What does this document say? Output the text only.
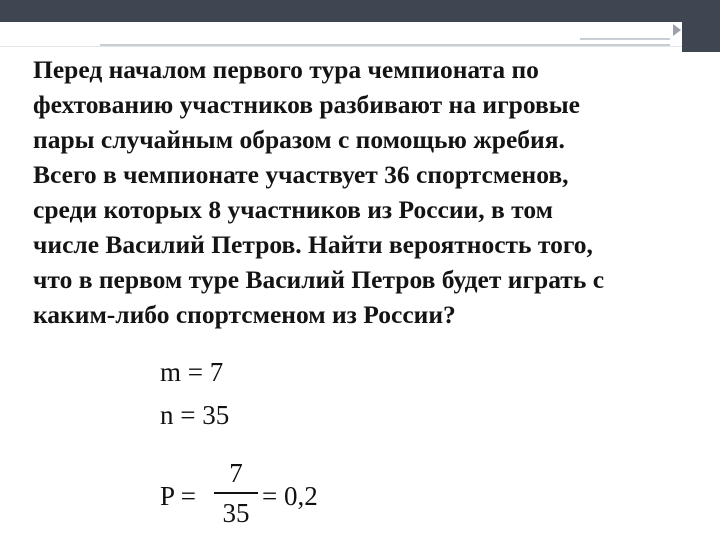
Перед началом первого тура чемпионата по
фехтованию участников разбивают на игровые
пары случайным образом с помощью жребия.
Всего в чемпионате участвует 36 спортсменов,
среди которых 8 участников из России, в том
числе Василий Петров. Найти вероятность того,
что в первом туре Василий Петров будет играть с
каким-либо спортсменом из России?
m = 7
n = 35
P =
7
35
= 0,2
